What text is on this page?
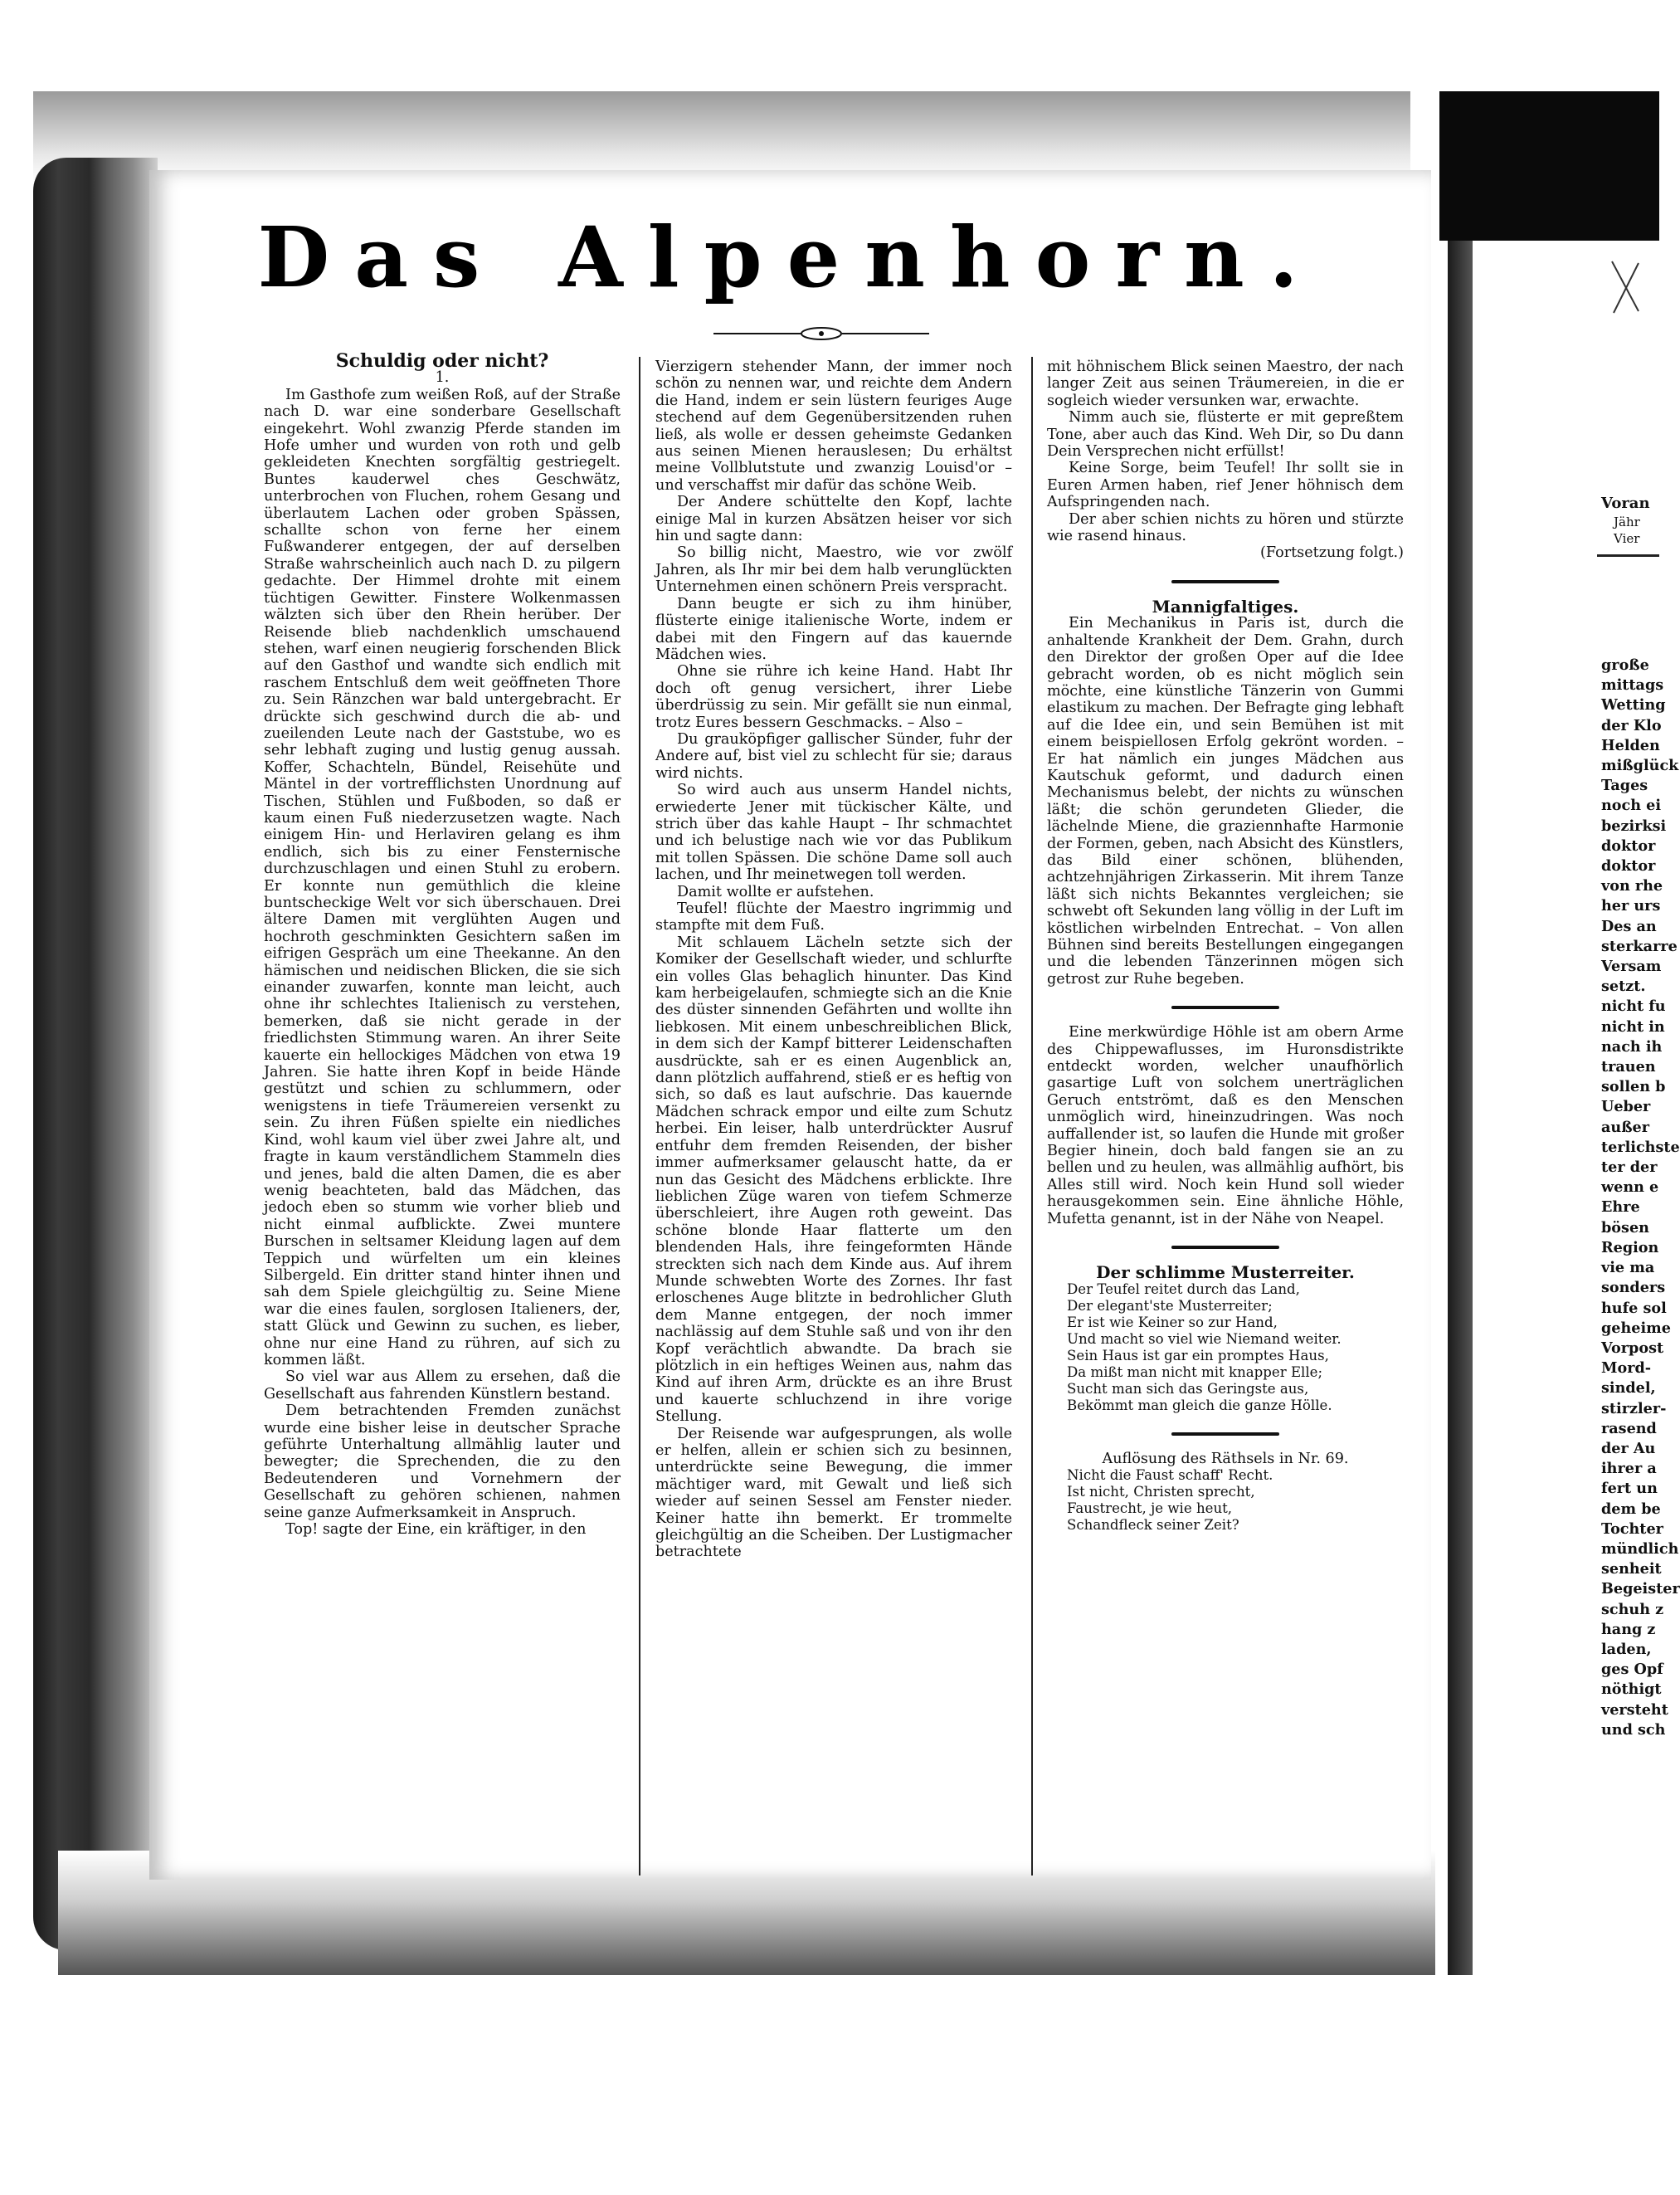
Das Alpenhorn.

Schuldig oder nicht?

1.

Im Gasthofe zum weißen Roß, auf der Straße nach D. war eine sonderbare Gesellschaft eingekehrt. Wohl zwanzig Pferde standen im Hofe umher und wurden von roth und gelb gekleideten Knechten sorgfältig gestriegelt. Buntes kauderwel ches Geschwätz, unterbrochen von Fluchen, rohem Gesang und überlautem Lachen oder groben Spässen, schallte schon von ferne her einem Fußwanderer entgegen, der auf derselben Straße wahrscheinlich auch nach D. zu pilgern gedachte. Der Himmel drohte mit einem tüchtigen Gewitter. Finstere Wolkenmassen wälzten sich über den Rhein herüber. Der Reisende blieb nachdenklich umschauend stehen, warf einen neugierig forschenden Blick auf den Gasthof und wandte sich endlich mit raschem Entschluß dem weit geöffneten Thore zu. Sein Ränzchen war bald untergebracht. Er drückte sich geschwind durch die ab- und zueilenden Leute nach der Gaststube, wo es sehr lebhaft zuging und lustig genug aussah. Koffer, Schachteln, Bündel, Reisehüte und Mäntel in der vortrefflichsten Unordnung auf Tischen, Stühlen und Fußboden, so daß er kaum einen Fuß niederzusetzen wagte. Nach einigem Hin- und Herlaviren gelang es ihm endlich, sich bis zu einer Fensternische durchzuschlagen und einen Stuhl zu erobern. Er konnte nun gemüthlich die kleine buntscheckige Welt vor sich überschauen. Drei ältere Damen mit verglühten Augen und hochroth geschminkten Gesichtern saßen im eifrigen Gespräch um eine Theekanne. An den hämischen und neidischen Blicken, die sie sich einander zuwarfen, konnte man leicht, auch ohne ihr schlechtes Italienisch zu verstehen, bemerken, daß sie nicht gerade in der friedlichsten Stimmung waren. An ihrer Seite kauerte ein hellockiges Mädchen von etwa 19 Jahren. Sie hatte ihren Kopf in beide Hände gestützt und schien zu schlummern, oder wenigstens in tiefe Träumereien versenkt zu sein. Zu ihren Füßen spielte ein niedliches Kind, wohl kaum viel über zwei Jahre alt, und fragte in kaum verständlichem Stammeln dies und jenes, bald die alten Damen, die es aber wenig beachteten, bald das Mädchen, das jedoch eben so stumm wie vorher blieb und nicht einmal aufblickte. Zwei muntere Burschen in seltsamer Kleidung lagen auf dem Teppich und würfelten um ein kleines Silbergeld. Ein dritter stand hinter ihnen und sah dem Spiele gleichgültig zu. Seine Miene war die eines faulen, sorglosen Italieners, der, statt Glück und Gewinn zu suchen, es lieber, ohne nur eine Hand zu rühren, auf sich zu kommen läßt.

So viel war aus Allem zu ersehen, daß die Gesellschaft aus fahrenden Künstlern bestand.

Dem betrachtenden Fremden zunächst wurde eine bisher leise in deutscher Sprache geführte Unterhaltung allmählig lauter und bewegter; die Sprechenden, die zu den Bedeutenderen und Vornehmern der Gesellschaft zu gehören schienen, nahmen seine ganze Aufmerksamkeit in Anspruch.

Top! sagte der Eine, ein kräftiger, in den

Vierzigern stehender Mann, der immer noch schön zu nennen war, und reichte dem Andern die Hand, indem er sein lüstern feuriges Auge stechend auf dem Gegenübersitzenden ruhen ließ, als wolle er dessen geheimste Gedanken aus seinen Mienen herauslesen; Du erhältst meine Vollblutstute und zwanzig Louisd'or – und verschaffst mir dafür das schöne Weib.

Der Andere schüttelte den Kopf, lachte einige Mal in kurzen Absätzen heiser vor sich hin und sagte dann:

So billig nicht, Maestro, wie vor zwölf Jahren, als Ihr mir bei dem halb verunglückten Unternehmen einen schönern Preis verspracht.

Dann beugte er sich zu ihm hinüber, flüsterte einige italienische Worte, indem er dabei mit den Fingern auf das kauernde Mädchen wies.

Ohne sie rühre ich keine Hand. Habt Ihr doch oft genug versichert, ihrer Liebe überdrüssig zu sein. Mir gefällt sie nun einmal, trotz Eures bessern Geschmacks. – Also –

Du grauköpfiger gallischer Sünder, fuhr der Andere auf, bist viel zu schlecht für sie; daraus wird nichts.

So wird auch aus unserm Handel nichts, erwiederte Jener mit tückischer Kälte, und strich über das kahle Haupt – Ihr schmachtet und ich belustige nach wie vor das Publikum mit tollen Spässen. Die schöne Dame soll auch lachen, und Ihr meinetwegen toll werden.

Damit wollte er aufstehen.

Teufel! flüchte der Maestro ingrimmig und stampfte mit dem Fuß.

Mit schlauem Lächeln setzte sich der Komiker der Gesellschaft wieder, und schlurfte ein volles Glas behaglich hinunter. Das Kind kam herbeigelaufen, schmiegte sich an die Knie des düster sinnenden Gefährten und wollte ihn liebkosen. Mit einem unbeschreiblichen Blick, in dem sich der Kampf bitterer Leidenschaften ausdrückte, sah er es einen Augenblick an, dann plötzlich auffahrend, stieß er es heftig von sich, so daß es laut aufschrie. Das kauernde Mädchen schrack empor und eilte zum Schutz herbei. Ein leiser, halb unterdrückter Ausruf entfuhr dem fremden Reisenden, der bisher immer aufmerksamer gelauscht hatte, da er nun das Gesicht des Mädchens erblickte. Ihre lieblichen Züge waren von tiefem Schmerze überschleiert, ihre Augen roth geweint. Das schöne blonde Haar flatterte um den blendenden Hals, ihre feingeformten Hände streckten sich nach dem Kinde aus. Auf ihrem Munde schwebten Worte des Zornes. Ihr fast erloschenes Auge blitzte in bedrohlicher Gluth dem Manne entgegen, der noch immer nachlässig auf dem Stuhle saß und von ihr den Kopf verächtlich abwandte. Da brach sie plötzlich in ein heftiges Weinen aus, nahm das Kind auf ihren Arm, drückte es an ihre Brust und kauerte schluchzend in ihre vorige Stellung.

Der Reisende war aufgesprungen, als wolle er helfen, allein er schien sich zu besinnen, unterdrückte seine Bewegung, die immer mächtiger ward, mit Gewalt und ließ sich wieder auf seinen Sessel am Fenster nieder. Keiner hatte ihn bemerkt. Er trommelte gleichgültig an die Scheiben. Der Lustigmacher betrachtete

mit höhnischem Blick seinen Maestro, der nach langer Zeit aus seinen Träumereien, in die er sogleich wieder versunken war, erwachte.

Nimm auch sie, flüsterte er mit gepreßtem Tone, aber auch das Kind. Weh Dir, so Du dann Dein Versprechen nicht erfüllst!

Keine Sorge, beim Teufel! Ihr sollt sie in Euren Armen haben, rief Jener höhnisch dem Aufspringenden nach.

Der aber schien nichts zu hören und stürzte wie rasend hinaus.

(Fortsetzung folgt.)

Mannigfaltiges.

Ein Mechanikus in Paris ist, durch die anhaltende Krankheit der Dem. Grahn, durch den Direktor der großen Oper auf die Idee gebracht worden, ob es nicht möglich sein möchte, eine künstliche Tänzerin von Gummi elastikum zu machen. Der Befragte ging lebhaft auf die Idee ein, und sein Bemühen ist mit einem beispiellosen Erfolg gekrönt worden. – Er hat nämlich ein junges Mädchen aus Kautschuk geformt, und dadurch einen Mechanismus belebt, der nichts zu wünschen läßt; die schön gerundeten Glieder, die lächelnde Miene, die graziennhafte Harmonie der Formen, geben, nach Absicht des Künstlers, das Bild einer schönen, blühenden, achtzehnjährigen Zirkasserin. Mit ihrem Tanze läßt sich nichts Bekanntes vergleichen; sie schwebt oft Sekunden lang völlig in der Luft im köstlichen wirbelnden Entrechat. – Von allen Bühnen sind bereits Bestellungen eingegangen und die lebenden Tänzerinnen mögen sich getrost zur Ruhe begeben.

Eine merkwürdige Höhle ist am obern Arme des Chippewaflusses, im Huronsdistrikte entdeckt worden, welcher unaufhörlich gasartige Luft von solchem unerträglichen Geruch entströmt, daß es den Menschen unmöglich wird, hineinzudringen. Was noch auffallender ist, so laufen die Hunde mit großer Begier hinein, doch bald fangen sie an zu bellen und zu heulen, was allmählig aufhört, bis Alles still wird. Noch kein Hund soll wieder herausgekommen sein. Eine ähnliche Höhle, Mufetta genannt, ist in der Nähe von Neapel.

Der schlimme Musterreiter.

Der Teufel reitet durch das Land,
Der elegant'ste Musterreiter;
Er ist wie Keiner so zur Hand,
Und macht so viel wie Niemand weiter.
Sein Haus ist gar ein promptes Haus,
Da mißt man nicht mit knapper Elle;
Sucht man sich das Geringste aus,
Bekömmt man gleich die ganze Hölle.

Auflösung des Räthsels in Nr. 69.

Nicht die Faust schaff' Recht.
Ist nicht, Christen sprecht,
Faustrecht, je wie heut,
Schandfleck seiner Zeit?
Voran
Jähr
Vier
große
mittags
Wetting
der Klo
Helden
mißglück
Tages
noch ei
bezirksi
doktor
doktor
von rhe
her urs
Des an
sterkarre
Versam
setzt.
nicht fu
nicht in
nach ih
trauen
sollen b
Ueber
außer
terlichste
ter der
wenn e
Ehre
bösen
Region
vie ma
sonders
hufe sol
geheime
Vorpost
Mord-
sindel,
stirzler-
rasend
der Au
ihrer a
fert un
dem be
Tochter
mündlich
senheit
Begeister
schuh z
hang z
laden,
ges Opf
nöthigt
versteht
und sch
